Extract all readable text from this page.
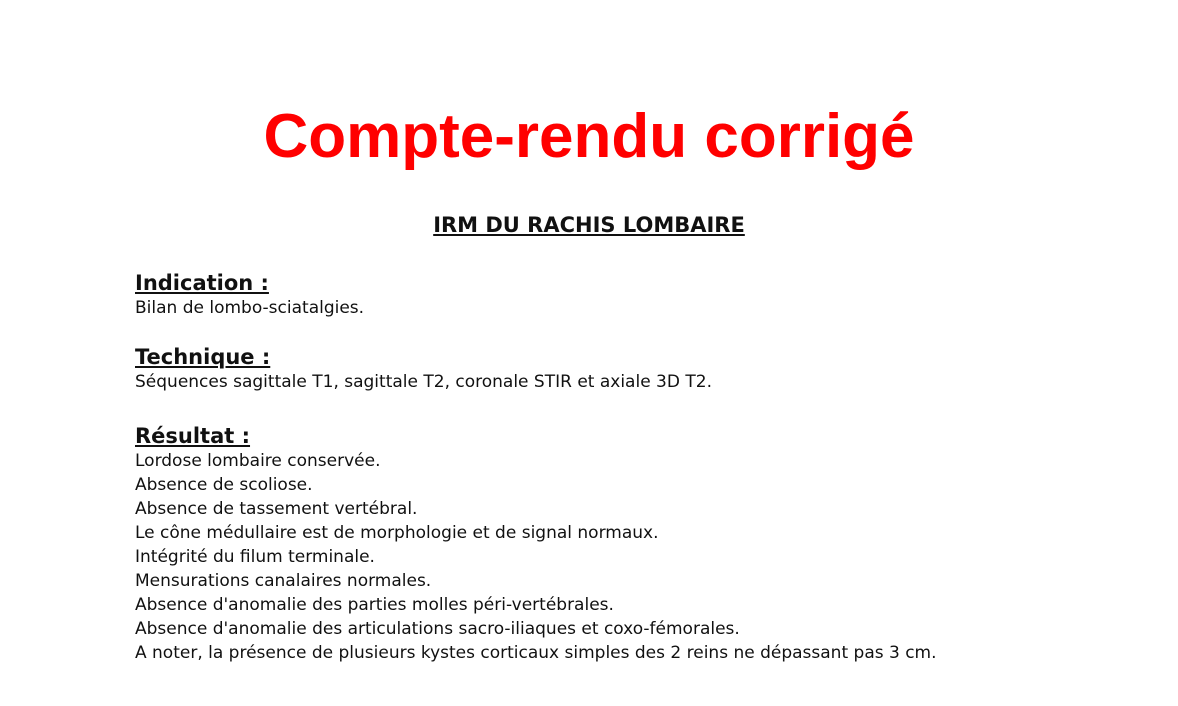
Compte-rendu corrigé
IRM DU RACHIS LOMBAIRE
Indication :
Bilan de lombo-sciatalgies.
Technique :
Séquences sagittale T1, sagittale T2, coronale STIR et axiale 3D T2.
Résultat :
Lordose lombaire conservée.
Absence de scoliose.
Absence de tassement vertébral.
Le cône médullaire est de morphologie et de signal normaux.
Intégrité du filum terminale.
Mensurations canalaires normales.
Absence d'anomalie des parties molles péri-vertébrales.
Absence d'anomalie des articulations sacro-iliaques et coxo-fémorales.
A noter, la présence de plusieurs kystes corticaux simples des 2 reins ne dépassant pas 3 cm.
